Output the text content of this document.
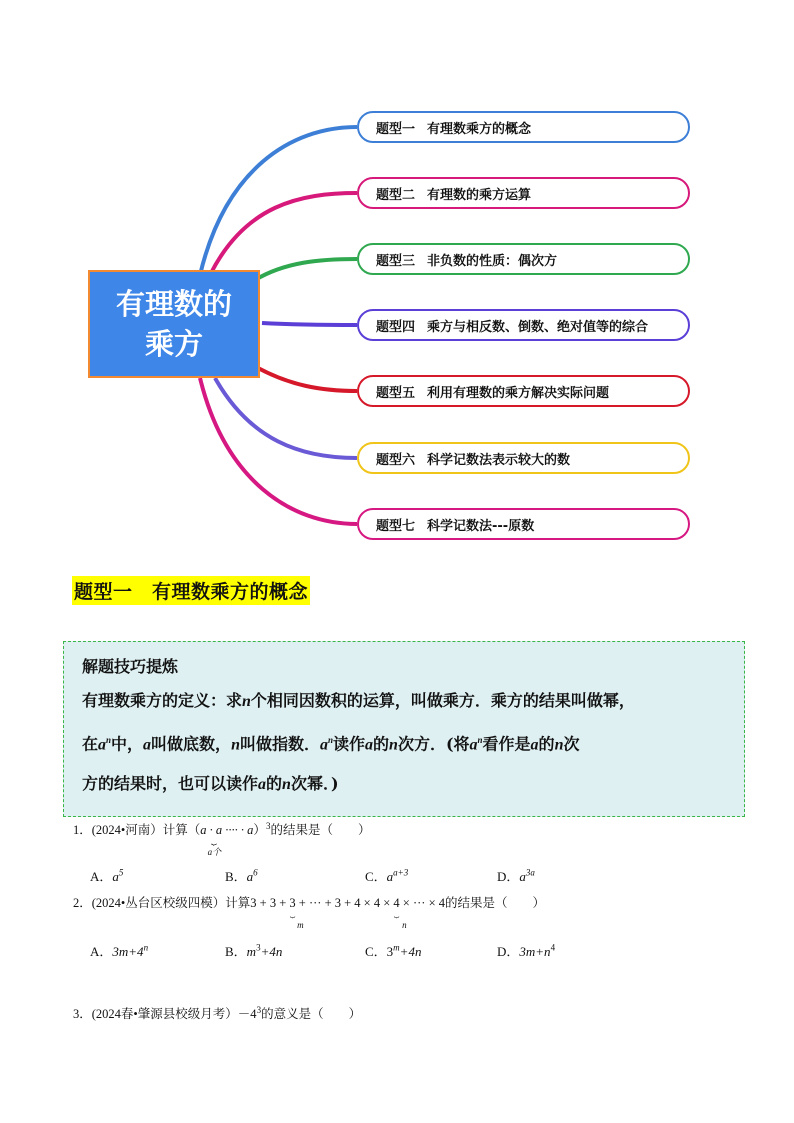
有理数的
乘方
题型一 有理数乘方的概念
题型二 有理数的乘方运算
题型三 非负数的性质：偶次方
题型四 乘方与相反数、倒数、绝对值等的综合
题型五 利用有理数的乘方解决实际问题
题型六 科学记数法表示较大的数
题型七 科学记数法---原数
题型一　有理数乘方的概念
解题技巧提炼
有理数乘方的定义：求n个相同因数积的运算，叫做乘方．乘方的结果叫做幂，
在$a^n$中，a叫做底数，n叫做指数．$a^n$读作a的n次方．(将$a^n$看作是a的n次
方的结果时，也可以读作a的n次幂．)
1．(2024•河南）计算（a · a ·
⏟
a个
··· · a）$^3$的结果是（　　）
A．$a^5$	B．$a^6$	C．$a^{a+3}$	D．$a^{3a}$
2．(2024•丛台区校级四模）计算3 + 3 + 3
⏟
m
+ ··· + 3 + 4 × 4 × 4
⏟
n
× ··· × 4的结果是（　　）
A．$3m+4^n$	B．$m^3+4n$	C．$3^m+4n$	D．$3m+n^4$
3．(2024春•肇源县校级月考）$-4^3$的意义是（　　）
